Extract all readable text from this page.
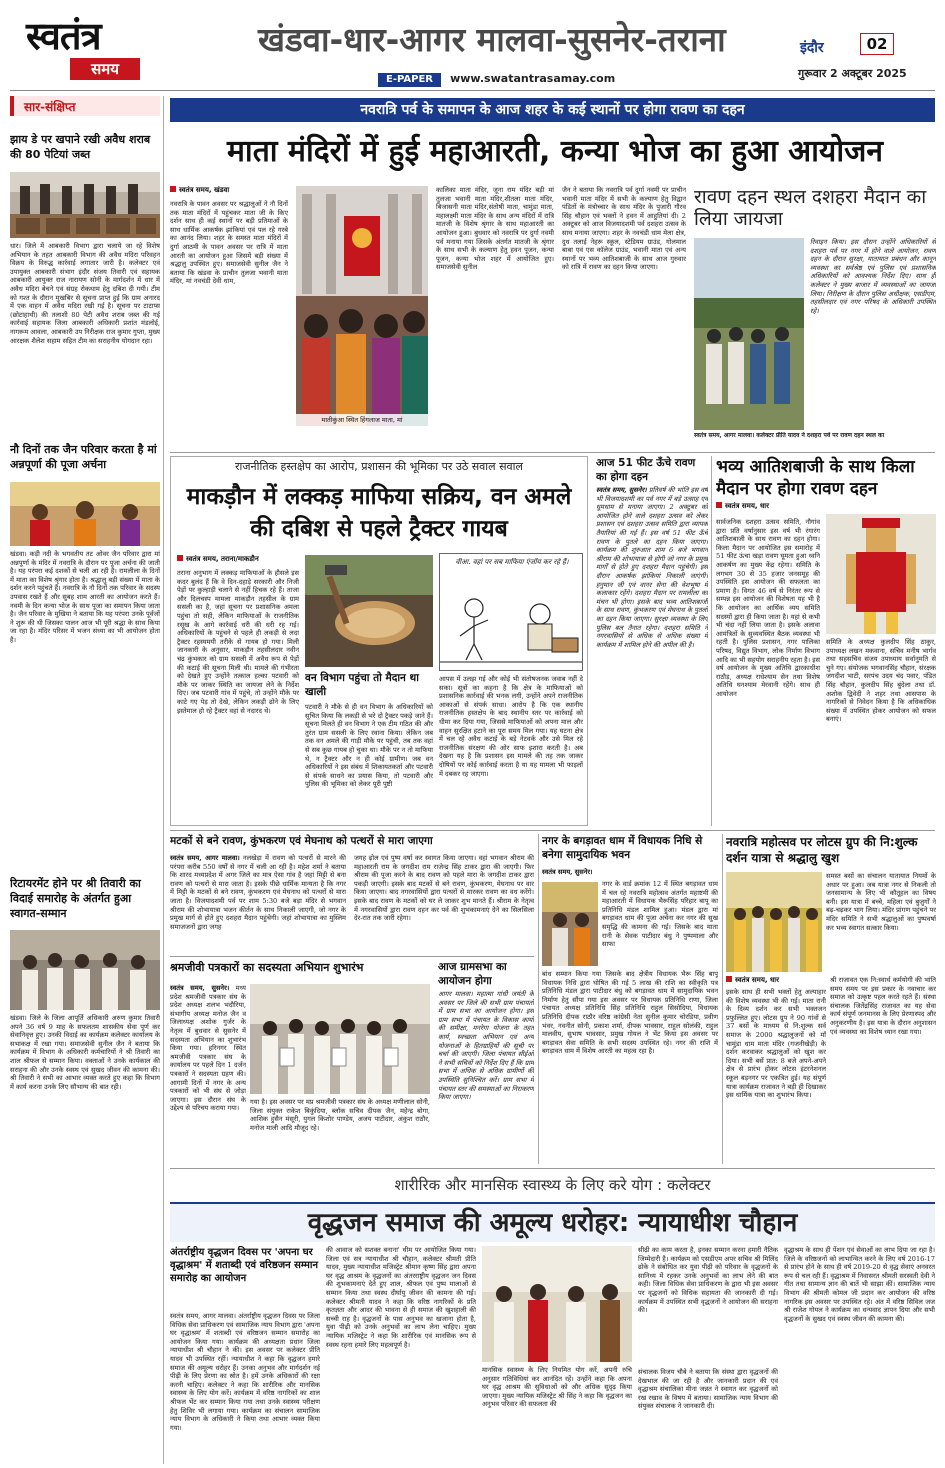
स्वतंत्र
समय
खंडवा-धार-आगर मालवा-सुसनेर-तराना
E-PAPER www.swatantrasamay.com
इंदौर	02
गुरूवार 2 अक्टूबर 2025
सार-संक्षिप्त
झाय डे पर खपाने रखी अवैध शराब की 80 पेटियां जब्त
धार। जिले में आबकारी विभाग द्वारा चलाये जा रहे विशेष अभियान के तहत आबकारी विभाग की अवैध मदिरा परिवहन विक्रय के विरुद्ध कार्रवाई लगातार जारी है। कलेक्टर एवं उपायुक्त आबकारी संभाग इंदौर संजय तिवारी एवं सहायक आबकारी आयुक्त राज नारायण सोनी के मार्गदर्शन में धार में अवैध मदिरा बेचने एवं संग्रह रोकथाम हेतु दबिश दी गयी। टीम को गश्त के दौरान मुखबिर से सूचना प्राप्त हुई कि ग्राम अनारद में एक वाहन में अवैध मदिरा रखी गई है। सूचना पर टाटाप्स (छोटाहाथी) की तलाशी 80 पेटी अवैध शराब जब्त की गई कार्रवाई सहायक जिला आबकारी अधिकारी प्रशांत मंडलोई, नागरूम आवला, आबकारी उप निरीक्षक राज कुमार गुप्ता, मुख्य आरक्षक शैलेश सहाम सहित टीम का सराहनीय योगदान रहा।
नौ दिनों तक जैन परिवार करता है मां अन्नपूर्णा की पूजा अर्चना
खंडवा। कड़ी नदी के भगवतीय तट ओवर जैन परिवार द्वारा मां अन्नपूर्णा के मंदिर में नवरात्रि के दौरान पर पूजा अर्चना की जाती है। यह परंपरा कई दशकों से चली आ रही है। रामलीला के दिनों में माता का विशेष श्रृंगार होता है। श्रद्धालु बड़ी संख्या में माता के दर्शन करने पहुंचते हैं। नवरात्रि के नौ दिनों तक परिवार के सदस्य उपवास रखते हैं और सुबह शाम आरती का आयोजन करते हैं। नवमी के दिन कन्या भोज के साथ पूजा का समापन किया जाता है। जैन परिवार के मुखिया ने बताया कि यह परंपरा उनके पूर्वजों ने शुरू की थी जिसका पालन आज भी पूरी श्रद्धा के साथ किया जा रहा है। मंदिर परिसर में भजन संध्या का भी आयोजन होता है।
रिटायरमेंट होने पर श्री तिवारी का विदाई समारोह के अंतर्गत हुआ स्वागत-सम्मान
खंडवा। जिले के जिला आपूर्ति अधिकारी अरुण कुमार तिवारी अपने 36 वर्ष 9 माह के सफलतम शासकीय सेवा पूर्ण कर सेवानिवृत्त हुए। उनकी विदाई का कार्यक्रम कलेक्टर कार्यालय के सभाकक्ष में रखा गया। समाजसेवी सुनील जैन ने बताया कि कार्यक्रम में विभाग के अधिकारी कर्मचारियों ने श्री तिवारी का शाल श्रीफल से सम्मान किया। वक्ताओं ने उनके कार्यकाल की सराहना की और उनके स्वस्थ एवं सुखद जीवन की कामना की। श्री तिवारी ने सभी का आभार व्यक्त करते हुए कहा कि विभाग में कार्य करना उनके लिए सौभाग्य की बात रही।
नवरात्रि पर्व के समापन के आज शहर के कई स्थानों पर होगा रावण का दहन
माता मंदिरों में हुई महाआरती, कन्या भोज का हुआ आयोजन
स्वतंत्र समय, खंडवा
नवरात्रि के पावन अवसर पर श्रद्धालुओं ने नौ दिनों तक माता मंदिरों में पहुंचकर माता जी के किए दर्शन साथ ही कई स्थानों पर बड़ी प्रतिमाओं के साथ धार्मिक आकर्षक झांकियां एवं पल रहे गरबे का आनंद लिया। शहर के समस्त माता मंदिरों में दुर्गा आठमी के पावन अवसर पर रात्रि में माता आरती का आयोजन हुआ जिसमें बड़ी संख्या में श्रद्धालु उपस्थित हुए। समाजसेवी सुनील जैन ने बताया कि खंडवा के प्राचीन तुलजा भवानी माता मंदिर, मां नवचंडी देवी धाम,
मातीकुंआ स्थित हिंगलाज माता, मां
कालिका माता मंदिर, जूना राम मंदिर बड़ी मां तुलजा भवानी माता मंदिर,शीतला माता मंदिर, बिजासनी माता मंदिर,संतोषी माता, चामुंडा माता, महालक्ष्मी माता मंदिर के साथ अन्य मंदिरों में रात्रि मातजी के विशेष श्रृंगार के साथ महाआरती का आयोजन हुआ। बुधवार को नवरात्रि पर दुर्गा नवमी पर्व मनाया गया जिसके अंतर्गत मातजी के श्रृंगार के साथ सभी के कल्याण हेतु हवन पूजन, कन्या पूजन, कन्या भोज शहर में आयोजित हुए। समाजसेवी सुनील
जैन ने बताया कि नवरात्रि पर्व दुर्गा नवमी पर प्राचीन भवानी माता मंदिर में सभी के कल्याण हेतु विद्वान पंडितों के मंत्रोच्चार के साथ मंदिर के पुजारी गौरव सिंह चौहान एवं भक्तों ने हवन में आहुतियां दी। 2 अक्टूबर को आज विजयादशमी पर्व दशहरा उत्सव के साथ मनाया जाएगा। शहर के नवचंडी धाम मेला क्षेत्र, दुध तलाई नेहरू स्कूल, स्टेडियम ग्राउंड, गोलमाल बाबा एवं एस कॉलेज ग्राउंड, भवानी माता एवं अन्य स्थानों पर भव्य आतिशबाजी के साथ आज गुरुवार को रात्रि में रावण का दहन किया जाएगा।
रावण दहन स्थल दशहरा मैदान का लिया जायजा
रिवाइन किया। इस दौरान उन्होंने अधिकारियों से दशहरा पर्व पर नगर में होने वाले आयोजन, रावण दहन के दौरान सुरक्षा, यातायात प्रबंधन और कानून व्यवस्था का सर्वश्रेष्ठ एवं पुलिस एवं प्रशासनिक अधिकारियों को आवश्यक निर्देश दिए। साथ ही कलेक्टर ने मुख्य बाजार में व्यवस्थाओं का जायजा लिया। निरीक्षण के दौरान पुलिस अधीक्षक, एसडीएम, तहसीलदार एवं नगर परिषद के अधिकारी उपस्थित रहे।
स्वतंत्र समय, आगर मालवा। कलेक्टर प्रीति यादव ने दशहरा पर्व पर रावण दहन स्थल का
राजनीतिक हस्तक्षेप का आरोप, प्रशासन की भूमिका पर उठे सवाल सवाल
माकड़ौन में लक्कड़ माफिया सक्रिय, वन अमले की दबिश से पहले ट्रैक्टर गायब
स्वतंत्र समय, तराना/माकडौन
तराना अनुभाग में लक्कड़ माफियाओं के हौसले इस कदर बुलंद हैं कि वे दिन-दहाड़े सरकारी और निजी पेड़ों पर कुल्हाड़ी चलाने से नहीं हिचक रहे हैं। ताजा और दिलचस्प मामला माकड़ौन तहसील के ग्राम ससली का है, जहां सूचना पर प्रशासनिक अमला पहुंचा तो सही, लेकिन माफियाओं के राजनीतिक रसूख के आगे कार्रवाई धरी की धरी रह गई। अधिकारियों के पहुंचने से पहले ही लकड़ी से लदा ट्रैक्टर रहस्यमयी तरीके से गायब हो गया। मिली जानकारी के अनुसार, माकड़ौन तहसीलदार नवीन चंद्र कुंभकार को ग्राम ससली में अवैध रूप से पेड़ों की कटाई की सूचना मिली थी। मामले की गंभीरता को देखते हुए उन्होंने तत्काल हल्का पटवारी को मौके पर जाकर स्थिति का जायजा लेने के निर्देश दिए। जब पटवारी गांव में पहुंचे, तो उन्होंने मौके पर काटे गए पेड़ तो देखे, लेकिन लकड़ी ढोने के लिए इस्तेमाल हो रहे ट्रैक्टर वहां से नदारद थे।
वन विभाग पहुंचा तो मैदान था खाली
पटवारी ने मौके से ही वन विभाग के अधिकारियों को सूचित किया कि लकड़ी से भरे दो ट्रैक्टर पकड़े जाने हैं। सूचना मिलते ही वन विभाग ने एक टीम गठित की और तुरंत ग्राम ससली के लिए रवाना किया। लेकिन जब तक वन अमले की गाड़ी मौके पर पहुंची, तब तक वहां से सब कुछ गायब हो चुका था। मौके पर न तो माफिया थे, न ट्रैक्टर और न ही कोई ग्रामीण। जब वन अधिकारियों ने इस संबंध में शिकायतकर्ता और पटवारी से संपर्क साधने का प्रयास किया, तो पटवारी और पुलिस की भूमिका को लेकर पूरी पुष्टी
वीआ. वहां पर सब माफिया एंजॉय कर रहे हैं।
आपस में उलझ गई और कोई भी संतोषजनक जवाब नहीं दे सका। सूत्रों का कहना है कि क्षेत्र के माफियाओं को प्रशासनिक कार्रवाई की भनक लगी, उन्होंने अपने राजनीतिक आकाओं से संपर्क साधा। आरोप है कि एक स्थानीय राजनीतिक हस्तक्षेप के बाद स्थानीय स्तर पर कार्रवाई को धीमा कर दिया गया, जिससे माफियाओं को अपना माल और वाहन सुरक्षित हटाने का पूरा समय मिल गया। यह घटना क्षेत्र में चल रहे अवैध कटाई के बड़े नेटवर्क और उसे मिल रहे राजनीतिक संरक्षण की ओर साफ इशारा करती है। अब देखना यह है कि प्रशासन इस मामले की तह तक जाकर दोषियों पर कोई कार्रवाई करता है या यह मामला भी फाइलों में दबकर रह जाएगा।
आज 51 फीट ऊँचे रावण का होगा दहन
स्वतंत्र समय, सुसनेर। प्रतिवर्ष की भांति इस वर्ष भी विजयादशमी का पर्व नगर में बड़े उत्साह एवं धूमधाम से मनाया जाएगा। 2 अक्टूबर को आयोजित होने वाले दशहरा उत्सव को लेकर प्रशासन एवं दशहरा उत्सव समिति द्वारा व्यापक तैयारियां की गई हैं। इस वर्ष 51 फीट ऊँचे रावण के पुतले का दहन किया जाएगा। कार्यक्रम की शुरुआत शाम 6 बजे भगवान श्रीराम की शोभायात्रा से होगी जो नगर के प्रमुख मार्गों से होते हुए दशहरा मैदान पहुंचेगी। इस दौरान आकर्षक झांकियां निकाली जाएंगी। हनुमान जी एवं वानर सेना की वेशभूषा में कलाकार रहेंगे। दशहरा मैदान पर रामलीला का मंचन भी होगा। इसके बाद भव्य आतिशबाजी के साथ रावण, कुंभकरण एवं मेघनाथ के पुतलों का दहन किया जाएगा। सुरक्षा व्यवस्था के लिए पुलिस बल तैनात रहेगा। दशहरा समिति ने नगरवासियों से अधिक से अधिक संख्या में कार्यक्रम में शामिल होने की अपील की है।
भव्य आतिशबाजी के साथ किला मैदान पर होगा रावण दहन
स्वतंत्र समय, धार
सार्वजनिक दशहरा उत्सव समिति, नौगांव द्वारा प्रति वर्षानुसार इस वर्ष भी रंगारंग आतिशबाजी के साथ रावण का दहन होगा। किला मैदान पर आयोजित इस समारोह में 51 फीट ऊंचा खड़ा रावण घूमता हुआ ध्वनि आकर्षण का मुख्य केंद्र रहेगा। समिति के लगभग 30 से 35 हजार जनसमूह की उपस्थिति इस आयोजन की सफलता का प्रमाण है। विगत 46 वर्ष से निरंतर रूप से सम्पन्न इस आयोजन की विशेषता यह भी है कि आयोजन का आर्थिक व्यय समिति सदस्यों द्वारा ही किया जाता है। यहां से कभी भी चंदा नहीं लिया जाता है। इसके अलावा आमंत्रितों के सुव्यवस्थित बैठक व्यवस्था भी रहती है। पुलिस प्रशासन, नगर पालिका परिषद, विद्युत विभाग, लोक निर्माण विभाग आदि का भी सहयोग सराहनीय रहता है। इस वर्ष आयोजन के मुख्य अतिथि द्वारकाधीश राठौड़, अध्यक्ष राधेश्याम सेन तथा विशेष अतिथि घनश्याम मेरवानी रहेंगे। साथ ही आयोजन
समिति के अध्यक्ष कुलदीप सिंह ठाकुर, उपाध्यक्ष लखन मकवाना, सचिव मनीष भार्गव तथा सहसचिव संजय उपाध्याय सर्वानुमति से चुने गए। संयोजक भगवानसिंह चौहान, संरक्षक जगदीश भाटी, सरपंच उदय चंद पवार, पंडित सिंह चौहान, कुलदीप सिंह बुंदेला तथा डॉ. अशोक द्विवेदी ने शहर तथा आसपास के नागरिकों से निवेदन किया है कि अधिकाधिक संख्या में उपस्थित होकर आयोजन को सफल बनाएं।
मटकों से बने रावण, कुंभकरण एवं मेघनाथ को पत्थरों से मारा जाएगा
स्वतंत्र समय, आगर मालवा। नलखेड़ा में रावण को पत्थरों से मारने की परंपरा करीब 550 वर्षों से नगर में चली आ रही है। महेश शर्मा ने बताया कि शारद मध्यप्रदेश में अगर जिले का मात्र ऐसा गांव है जहां मिट्टी से बना रावण को पत्थरों से मारा जाता है। इसके पीछे धार्मिक मान्यता है कि नगर में मिट्टी के मटकों से बने रावण, कुंभकरण एवं मेघनाथ को पत्थरों से मारा जाता है। विजयादशमी पर्व पर शाम 5:30 बजे बड़ा मंदिर से भगवान श्रीराम की शोभायात्रा भजन कीर्तन के साथ निकाली जाएगी, जो नगर के प्रमुख मार्ग से होते हुए दशहरा मैदान पहुंचेगी। जहां शोभायात्रा का मुस्लिम समाजजनों द्वारा जगह
जगह ढ़ोल एवं पुष्प वर्षा कर स्वागत किया जाएगा। वहां भगवान श्रीराम की महाआरती राम के जगदीश राम राजेन्द्र सिंह टाकर द्वारा की जाएगी। फिर श्रीराम की पूजा करने के बाद रावण को पहले मारा के जगदीश टाकर द्वारा पकड़ी जाएगी। इसके बाद मटकों से बने रावण, कुंभकरण, मेघनाथ पर वार किया जाएगा। बाद नगरवासियों द्वारा पत्थरों से मारकर रावण का वध करेंगे। इसके बाद रावण के मटकों को घर ले जाकर शुभ मानते हैं। श्रीराम के नेतृत्व में नगरवासियों द्वारा रावण दहन कर पर्व की शुभकामनाएं देने का सिलसिला देर-रात तक जारी रहेगा।
नगर के बगड़ावत धाम में विधायक निधि से बनेगा सामुदायिक भवन
स्वतंत्र समय, सुसनेर।
नगर के वार्ड क्रमांक 12 में स्थित बगड़ावत धाम में चल रहे नवरात्रि महोत्सव अंतर्गत महाष्टमी की महाआरती में विधायक भैरूसिंह परिहार बापू का प्रतिनिधि मंडल शामिल हुआ। मंडल द्वारा मां बगड़ावत धाम की पूजा अर्चना कर नगर की सुख समृद्धि की कामना की गई। जिसके बाद माता रानी के सेवक पाटीदार बंधु ने पुष्पमाला और साफा
बांध सम्मान किया गया जिसके बाद क्षेत्रीय विधायक भैरू सिंह बापू विधायक निधि द्वारा घोषित की गई 5 लाख की राशि का स्वीकृति पत्र प्रतिनिधि मंडल द्वारा पाटीदार बंधु को बगड़ावत धाम में सामुदायिक भवन निर्माण हेतु सौंपा गया इस अवसर पर विधायक प्रतिनिधि राणा, जिला पंचायत अध्यक्ष प्रतिनिधि सिंह प्रतिनिधि राहुल सिसोदिया, विधायक प्रतिनिधि दीपक राठौर वरिष्ठ कांग्रेसी नेता सुनील कुमार चोरडिया, प्रवीण भंवर, नवनीत सोनी, प्रकाश शर्मा, दीपक भावसार, राहुल सोलंकी, राहुल मालवीय, सुभाष भावसार, प्रमुख गोयल ने भेंट किया इस अवसर पर बगड़ावत सेवा समिति के सभी सदस्य उपस्थित रहे। नगर की राशि में बगड़ावत धाम में विशेष आरती का महत्व रहा है।
नवरात्रि महोत्सव पर लोटस ग्रुप की नि:शुल्क दर्शन यात्रा से श्रद्धालु खुश
समस्त बसों का संचालन यातायात नियमों के अधार पर हुआ। जब यात्रा नगर से निकली तो जनसामान्य के लिए भी कौतूहल का विषय बनी। इस यात्रा में बच्चे, महिला एवं बुजुर्गों ने बढ़-चढ़कर भाग लिया। मंदिर प्रांगण पहुंचने पर मंदिर समिति ने सभी श्रद्धालुओं का पुष्पवर्षा कर भव्य स्वागत सत्कार किया।
स्वतंत्र समय, धार
इसके साथ ही सभी भक्तों हेतु अल्पाहार की विशेष व्यवस्था भी की गई। माता रानी के दिव्य दर्शन कर सभी भक्तजन प्रफुल्लित हुए। लोटस ग्रुप ने 90 गांवों से 37 बसों के माध्यम से नि:शुल्क सर्व समाज के 2000 श्रद्धालुजनों को माँ चामुंडा धाम माता मंदिर (गजनीखेड़ी) के दर्शन करवाकर श्रद्धालुओं को खुश कर दिया। सभी बसें प्रात: 8 बजे अपने-अपने क्षेत्र से प्रारंभ होकर लोटस इंटरनेशनल स्कूल बड़नगर पर एकत्रित हुई। यह संपूर्ण यात्रा कार्यक्रम राजावत ने बड़ी ही दिखाकर इस धार्मिक यात्रा का शुभारंभ किया।
श्री राजावत एक नि:स्वार्थ कर्मयोगी की भांति समय समय पर इस प्रकार के नवाचार कर समाज को उत्कृष्ट पहल करते रहते हैं। संस्था संचालक जितेंद्रसिंह राजावत का यह सेवा कार्य संपूर्ण जनमानस के लिए प्रेरणास्पद और अनुकरणीय है। इस यात्रा के दौरान अनुशासन एवं व्यवस्था का विशेष ध्यान रखा गया।
श्रमजीवी पत्रकारों का सदस्यता अभियान शुभारंभ
स्वतंत्र समय, सुसनेर। मध्य प्रदेश श्रमजीवी पत्रकार संघ के प्रदेश अध्यक्ष शलभ भदौरिया, संभागीय अध्यक्ष मनोज जैन व जिलाध्यक्ष अशोक गुर्जर के नेतृत्व में बुधवार से सुसनेर में सदस्यता अभियान का शुभारंभ किया गया। हरिनगर स्थित श्रमजीवी पत्रकार संघ के कार्यालय पर पहले दिन 1 दर्जन पत्रकारों ने सदस्यता ग्रहण की। आगामी दिनों में नगर के अन्य पत्रकारों को भी संघ से जोड़ा जाएगा। इस दौरान संघ के उद्देश्य से परिचय कराया गया।
गया है। इस अवसर पर मप्र श्रमजीवी पत्रकार संघ के अध्यक्ष मणीलाल सोनी, जिला संयुक्त राकेश बिकुंदिया, ब्लॉक सचिव दीपक जैन, महेन्द्र बोगा, आशिक हुसैन मंसूरी, युगल किशोर पाण्डेय, अजय पाटीदार, अंकुश राठौर, मनोज माली आदि मौजूद रहे।
आज ग्रामसभा का आयोजन होगा
आगर मालवा। महात्मा गांधी जयंती के अवसर पर जिले की सभी ग्राम पंचायतों में ग्राम सभा का आयोजन होगा। इस ग्राम सभा में पंचायत के विकास कार्यों की समीक्षा, मनरेगा योजना के तहत कार्य, स्वच्छता अभियान एवं अन्य योजनाओं के हितग्राहियों की सूची पर चर्चा की जाएगी। जिला पंचायत सीईओ ने सभी सचिवों को निर्देश दिए हैं कि ग्राम सभा में अधिक से अधिक ग्रामीणों की उपस्थिति सुनिश्चित करें। ग्राम सभा में पंचायत स्तर की समस्याओं का निराकरण किया जाएगा।
शारीरिक और मानसिक स्वास्थ्य के लिए करे योग : कलेक्टर
वृद्धजन समाज की अमूल्य धरोहर: न्यायाधीश चौहान
अंतर्राष्ट्रीय वृद्धजन दिवस पर 'अपना घर वृद्धाश्रम' में शताब्दी एवं वरिष्ठजन सम्मान समारोह का आयोजन
स्वतंत्र समय, आगर मालवा। अंतर्राष्ट्रीय वृद्धजन दिवस पर जिला विधिक सेवा प्राधिकरण एवं सामाजिक न्याय विभाग द्वारा 'अपना घर वृद्धाश्रम' में शताब्दी एवं वरिष्ठजन सम्मान समारोह का आयोजन किया गया। कार्यक्रम की अध्यक्षता प्रधान जिला न्यायाधीश श्री चौहान ने की। इस अवसर पर कलेक्टर प्रीति यादव भी उपस्थित रहीं। न्यायाधीश ने कहा कि वृद्धजन हमारे समाज की अमूल्य धरोहर हैं। उनका अनुभव और मार्गदर्शन नई पीढ़ी के लिए प्रेरणा का स्रोत है। हमें उनके अधिकारों की रक्षा करनी चाहिए। कलेक्टर ने कहा कि शारीरिक और मानसिक स्वास्थ्य के लिए योग करें। कार्यक्रम में वरिष्ठ नागरिकों का शाल श्रीफल भेंट कर सम्मान किया गया तथा उनके स्वास्थ्य परीक्षण हेतु शिविर भी लगाया गया। कार्यक्रम का संचालन सामाजिक न्याय विभाग के अधिकारी ने किया तथा आभार व्यक्त किया गया।
की आवाज को सशक्त बनाना' थीम पर आयोजित किया गया। जिला एवं सत्र न्यायाधीश श्री चौहान, कलेक्टर श्रीमती प्रीति यादव, मुख्य न्यायाधीश मजिस्ट्रेट श्रीमान कृष्ण सिंह द्वारा अपना घर वृद्ध आश्रम के वृद्धजनों का अंतरराष्ट्रीय वृद्धजन जन दिवस की शुभकामनाएं देते हुए शाल, श्रीफल एवं पुष्प मालाओं से सम्मान किया तथा स्वस्थ दीर्घायु जीवन की कामना की गई। कलेक्टर श्रीमती यादव ने कहा कि वरिष्ठ नागरिकों के प्रति कृतज्ञता और आदर की भावना से ही समाज की खुशहाली की सच्ची राह है। वृद्धजनों के पास अनुभव का खजाना होता है, युवा पीढ़ी को उनके अनुभवों का लाभ लेना चाहिए। मुख्य न्यायिक मजिस्ट्रेट ने कहा कि शारीरिक एवं मानसिक रूप से स्वस्थ रहना हमारे लिए महत्वपूर्ण है।
मानसिक स्वास्थ्य के लिए नियमित योग करें, अपनी रुचि अनुसार गतिविधियां कर आनंदित रहें। उन्होंने कहा कि अपना घर वृद्ध आश्रम की सुविधाओं को और अधिक सुदृढ़ किया जाएगा। मुख्य न्यायिक मजिस्ट्रेट श्री सिंह ने कहा कि वृद्धजन का अनुभव परिवार की सफलता की
सीढ़ी का काम करता है, इनका सम्मान करना हमारी नैतिक जिम्मेदारी है। कार्यक्रम को एसडीएम अपर सचिव श्री मिलिंद ढोके ने संबोधित कर युवा पीढ़ी को परिवार के वृद्धजनों के सानिध्य में रहकर उनके अनुभवों का लाभ लेने की बात कही। जिला विधिक सेवा प्राधिकरण के द्वारा भी इस अवसर पर वृद्धजनों को विधिक सहायता की जानकारी दी गई। कार्यक्रम में उपस्थित सभी वृद्धजनों ने आयोजन की सराहना की।
संचालक विजय चौबे ने बताया कि संस्था द्वारा वृद्धजनों की देखभाल की जा रही है और जानकारी प्रदान की एवं वृद्धाश्रम संचालिका मीना जन्नत ने स्वागत कर वृद्धजनों को रख रखाव के विषय में बताया। सामाजिक न्याय विभाग की संयुक्त संचालक ने जानकारी दी।
वृद्धाश्रम के साथ ही पेंशन एवं सेवाओं का लाभ दिया जा रहा है। जिले के वरिष्ठजनों को लाभान्वित करने के लिए वर्ष 2016-17 से प्रारंभ होने के साथ ही वर्ष 2019-20 से वृद्ध सेवाएं अनवरत रूप से चल रही हैं। वृद्धाश्रम में निवासरत श्रीमती सरस्वती देवी ने गीत तथा सामान्य ज्ञान की बातें भी साझा कीं। सामाजिक न्याय विभाग की श्रीमती कोमल जी प्रदान कर आयोजन की वरिष्ठ नागरिक इस अवसर पर उपस्थित रहे। अंत में वरिष्ठ सिविल जज श्री राजेश गोयल ने कार्यक्रम का धन्यवाद ज्ञापन दिया और सभी वृद्धजनों के सुखद एवं स्वस्थ जीवन की कामना की।
